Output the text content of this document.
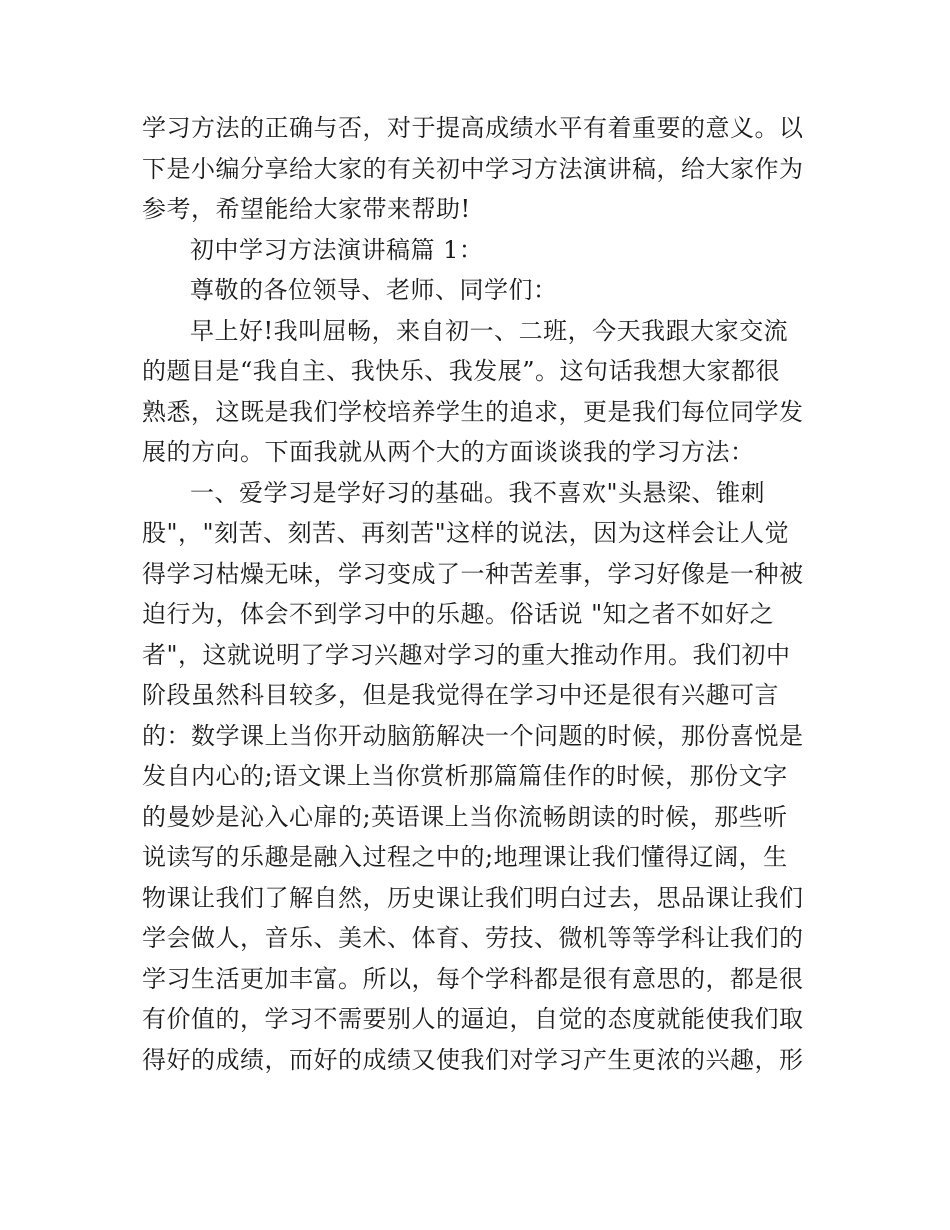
学习方法的正确与否，对于提高成绩水平有着重要的意义。以
下是小编分享给大家的有关初中学习方法演讲稿，给大家作为
参考，希望能给大家带来帮助!
初中学习方法演讲稿篇 1：
尊敬的各位领导、老师、同学们：
早上好!我叫屈畅，来自初一、二班，今天我跟大家交流
的题目是“我自主、我快乐、我发展”。这句话我想大家都很
熟悉，这既是我们学校培养学生的追求，更是我们每位同学发
展的方向。下面我就从两个大的方面谈谈我的学习方法：
一、爱学习是学好习的基础。我不喜欢"头悬梁、锥刺
股"，"刻苦、刻苦、再刻苦"这样的说法，因为这样会让人觉
得学习枯燥无味，学习变成了一种苦差事，学习好像是一种被
迫行为，体会不到学习中的乐趣。俗话说 "知之者不如好之
者"，这就说明了学习兴趣对学习的重大推动作用。我们初中
阶段虽然科目较多，但是我觉得在学习中还是很有兴趣可言
的：数学课上当你开动脑筋解决一个问题的时候，那份喜悦是
发自内心的;语文课上当你赏析那篇篇佳作的时候，那份文字
的曼妙是沁入心扉的;英语课上当你流畅朗读的时候，那些听
说读写的乐趣是融入过程之中的;地理课让我们懂得辽阔，生
物课让我们了解自然，历史课让我们明白过去，思品课让我们
学会做人，音乐、美术、体育、劳技、微机等等学科让我们的
学习生活更加丰富。所以，每个学科都是很有意思的，都是很
有价值的，学习不需要别人的逼迫，自觉的态度就能使我们取
得好的成绩，而好的成绩又使我们对学习产生更浓的兴趣，形
